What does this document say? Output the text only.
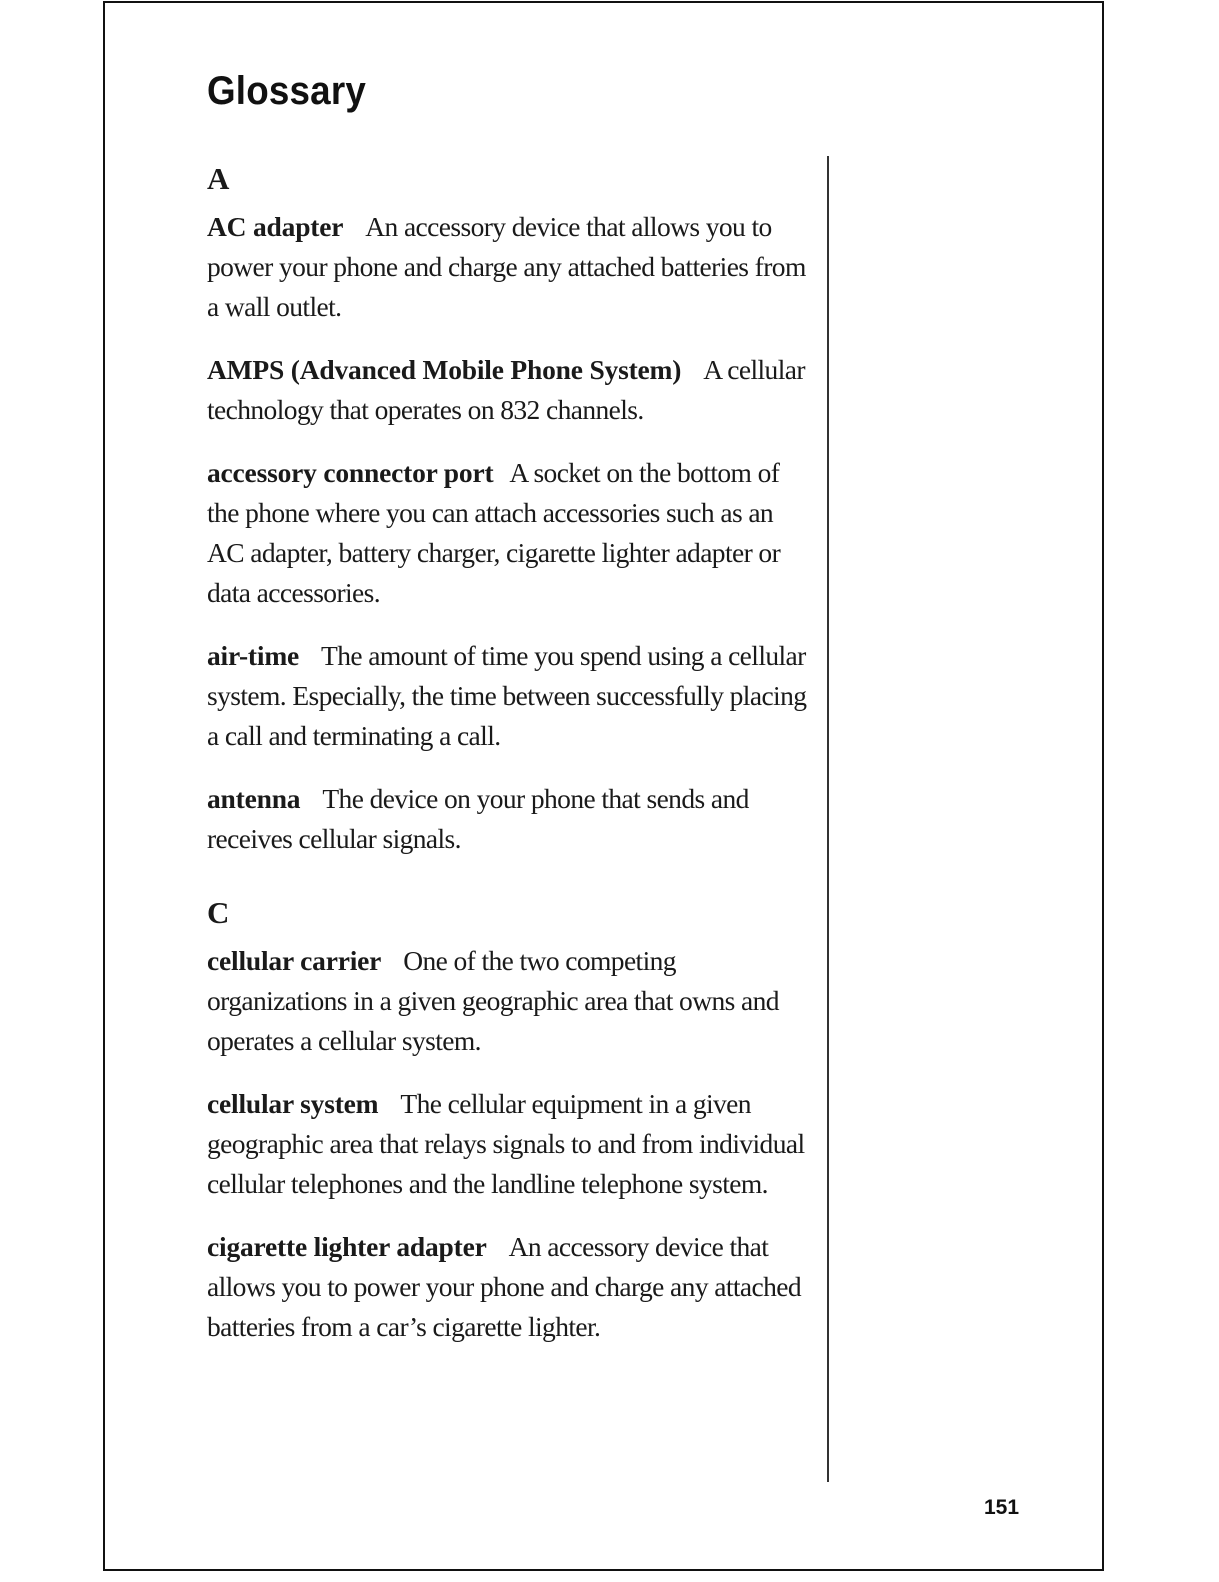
Glossary
A

AC adapter An accessory device that allows you to power your phone and charge any attached batteries from a wall outlet.

AMPS (Advanced Mobile Phone System) A cellular technology that operates on 832 channels.

accessory connector port A socket on the bottom of the phone where you can attach accessories such as an AC adapter, battery charger, cigarette lighter adapter or data accessories.

air-time The amount of time you spend using a cellular system. Especially, the time between successfully placing a call and terminating a call.

antenna The device on your phone that sends and receives cellular signals.

C

cellular carrier One of the two competing organizations in a given geographic area that owns and operates a cellular system.

cellular system The cellular equipment in a given geographic area that relays signals to and from individual cellular telephones and the landline telephone system.

cigarette lighter adapter An accessory device that allows you to power your phone and charge any attached batteries from a car’s cigarette lighter.

151
